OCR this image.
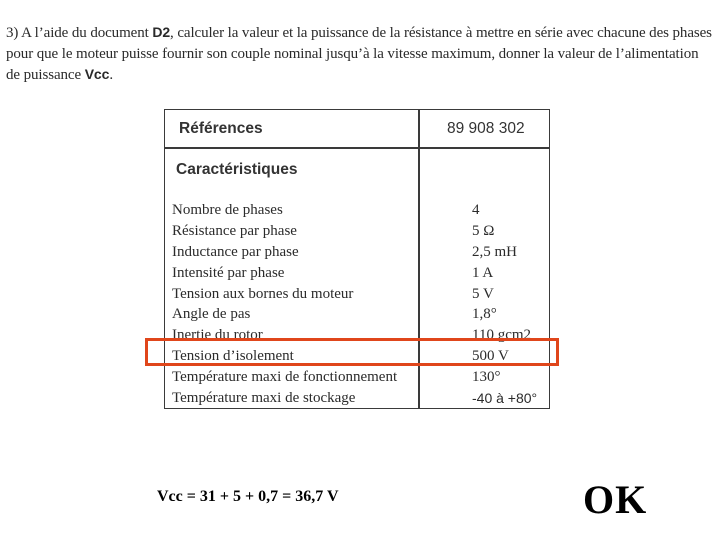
3) A l’aide du document D2, calculer la valeur et la puissance de la résistance à mettre en série avec chacune des phases pour que le moteur puisse fournir son couple nominal jusqu’à la vitesse maximum, donner la valeur de l’alimentation de puissance Vcc.
Références	89 908 302
Caractéristiques
Nombre de phases	4
Résistance par phase	5 Ω
Inductance par phase	2,5 mH
Intensité par phase	1 A
Tension aux bornes du moteur	5 V
Angle de pas	1,8°
Inertie du rotor	110 gcm2
Tension d’isolement	500 V
Température maxi de fonctionnement	130°
Température maxi de stockage	-40 à +80°
Vcc = 31 + 5 + 0,7 = 36,7 V	OK
